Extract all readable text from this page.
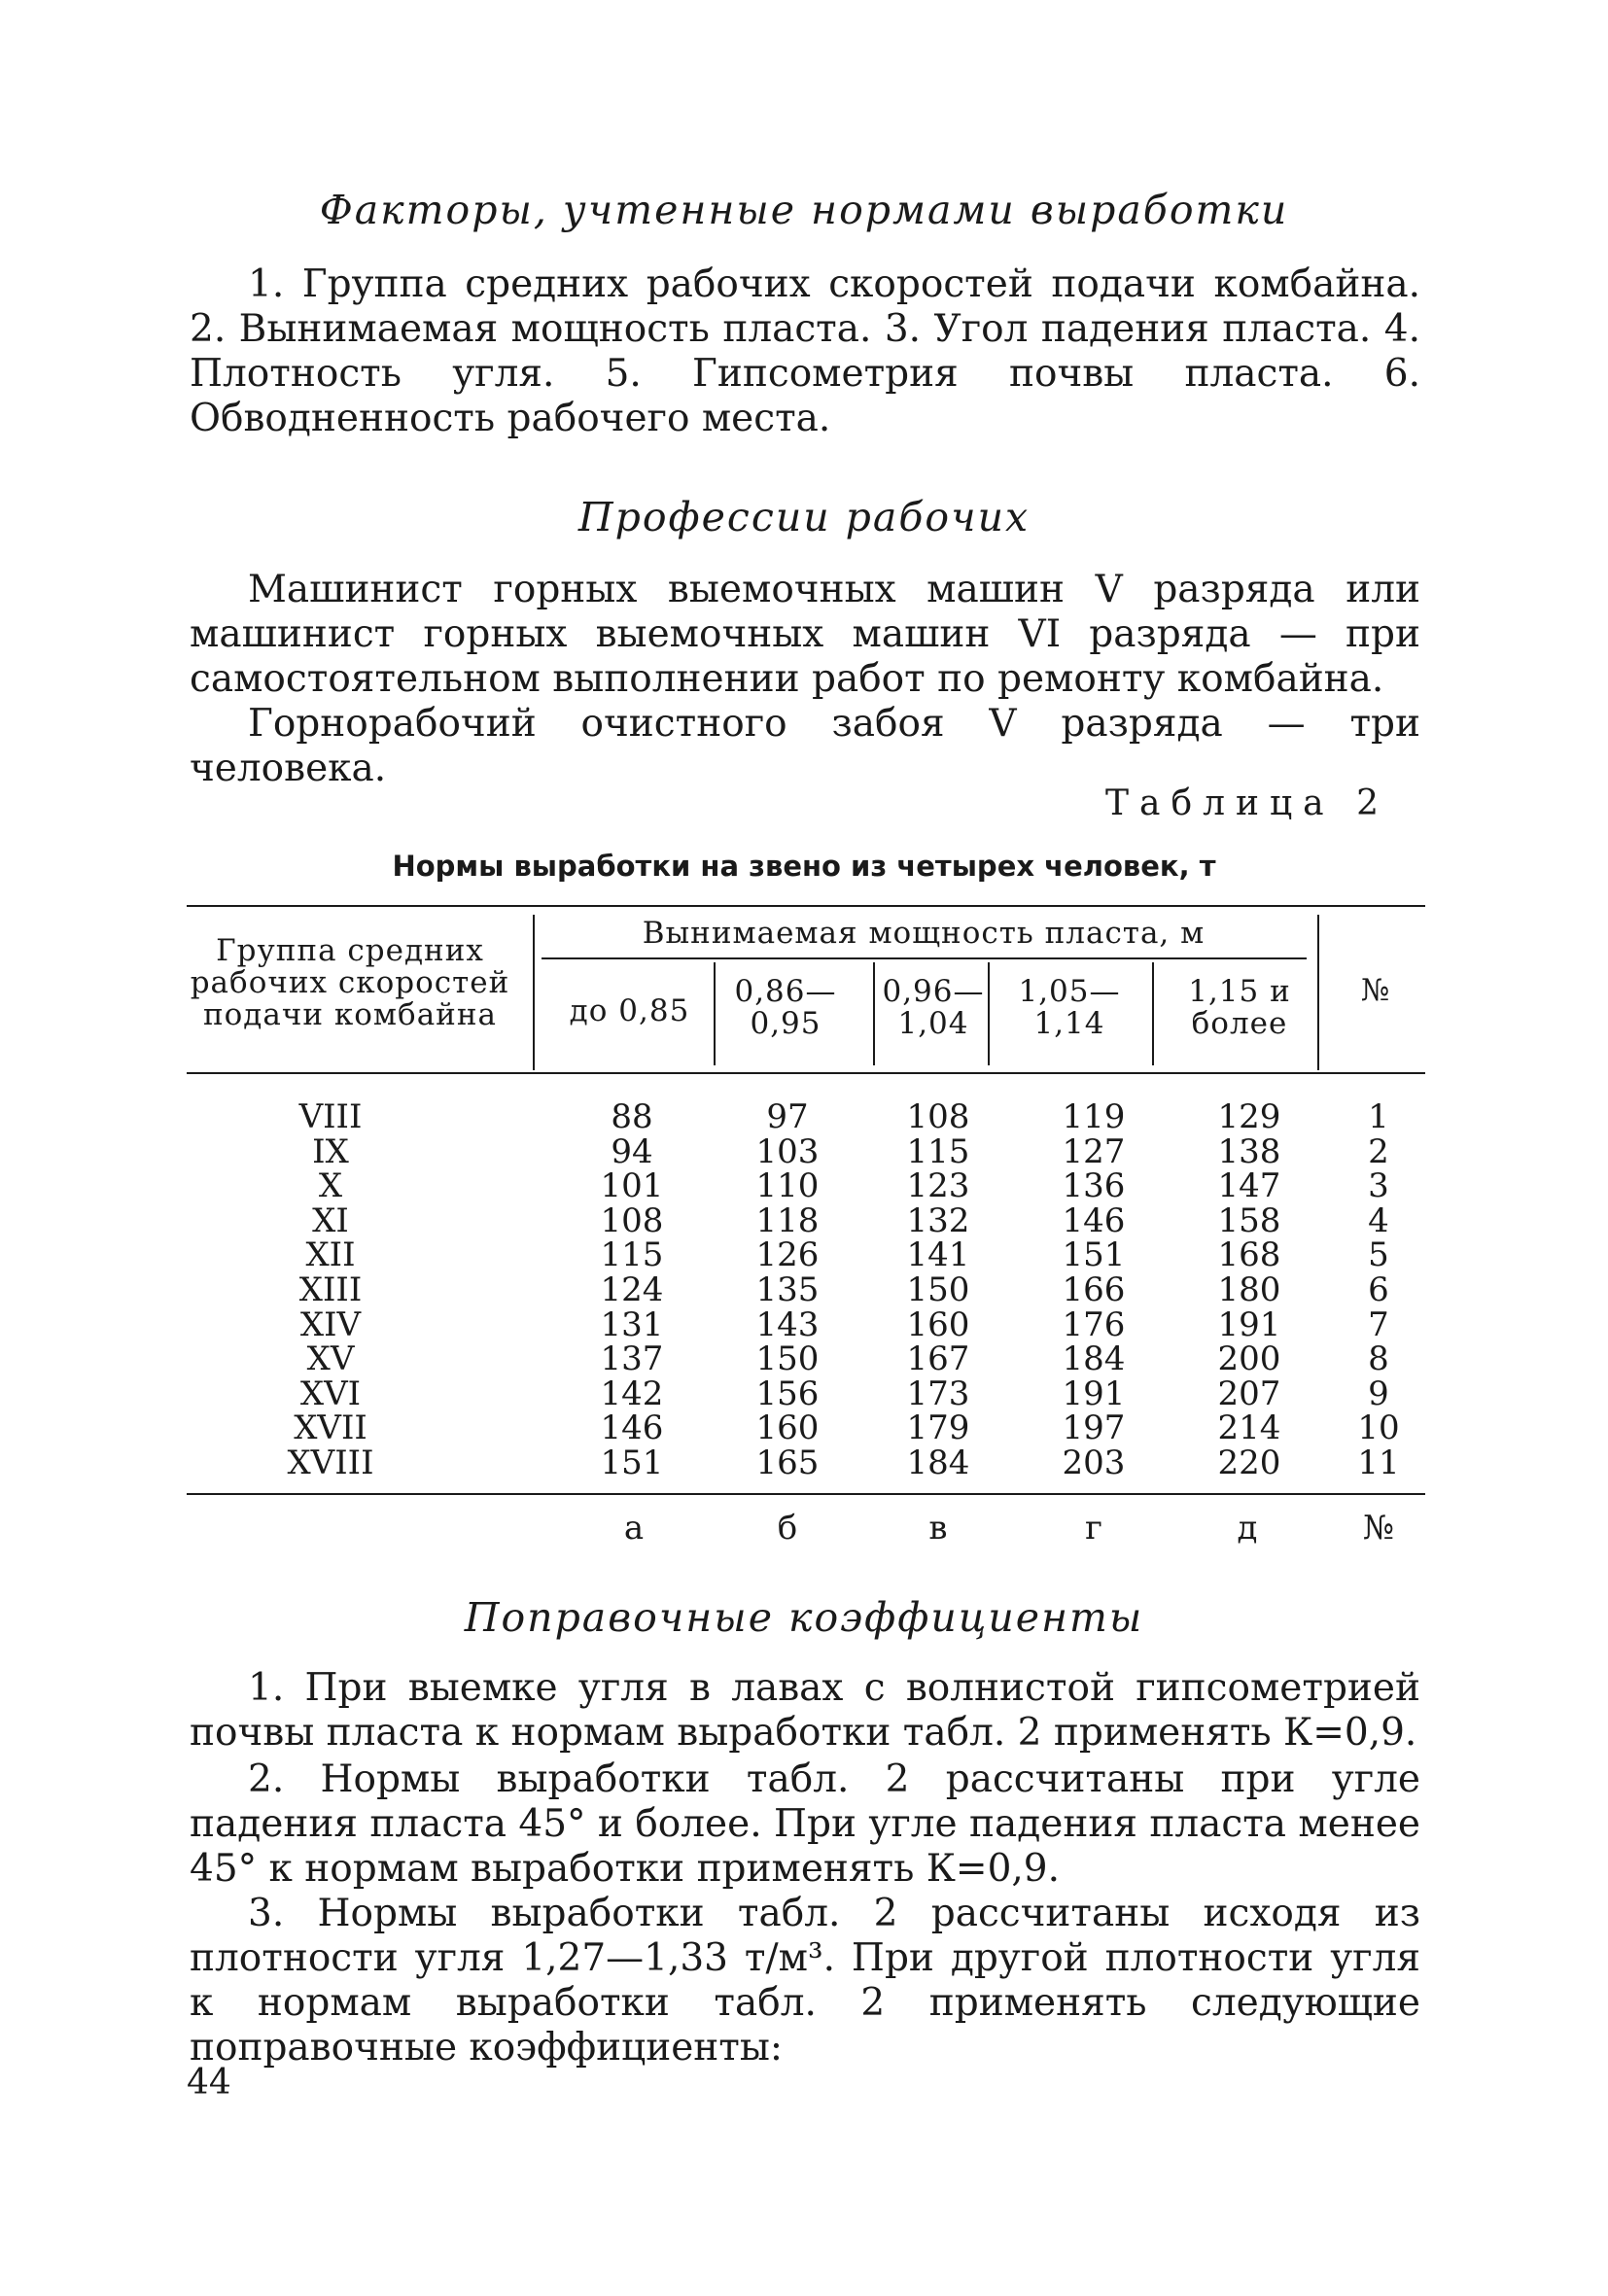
Факторы, учтенные нормами выработки

1. Группа средних рабочих скоростей подачи комбайна. 2. Вынимаемая мощность пласта. 3. Угол падения пласта. 4. Плотность угля. 5. Гипсометрия почвы пласта. 6. Обводненность рабочего места.

Профессии рабочих

Машинист горных выемочных машин V разряда или машинист горных выемочных машин VI разряда — при самостоятельном выполнении работ по ремонту комбайна.

Горнорабочий очистного забоя V разряда — три человека.

Таблица 2

Нормы выработки на звено из четырех человек, т

Группа средних рабочих скоростей подачи комбайна
Вынимаемая мощность пласта, м
до 0,85
0,86— 0,95
0,96— 1,04
1,05— 1,14
1,15 и более
№
VIII	88	97	108	119	129	1
IX	94	103	115	127	138	2
X	101	110	123	136	147	3
XI	108	118	132	146	158	4
XII	115	126	141	151	168	5
XIII	124	135	150	166	180	6
XIV	131	143	160	176	191	7
XV	137	150	167	184	200	8
XVI	142	156	173	191	207	9
XVII	146	160	179	197	214	10
XVIII	151	165	184	203	220	11
а	б	в	г	д	№
Поправочные коэффициенты

1. При выемке угля в лавах с волнистой гипсометрией почвы пласта к нормам выработки табл. 2 применять К=0,9.

2. Нормы выработки табл. 2 рассчитаны при угле падения пласта 45° и более. При угле падения пласта менее 45° к нормам выработки применять К=0,9.

3. Нормы выработки табл. 2 рассчитаны исходя из плотности угля 1,27—1,33 т/м³. При другой плотности угля к нормам выработки табл. 2 применять следующие поправочные коэффициенты:

44
